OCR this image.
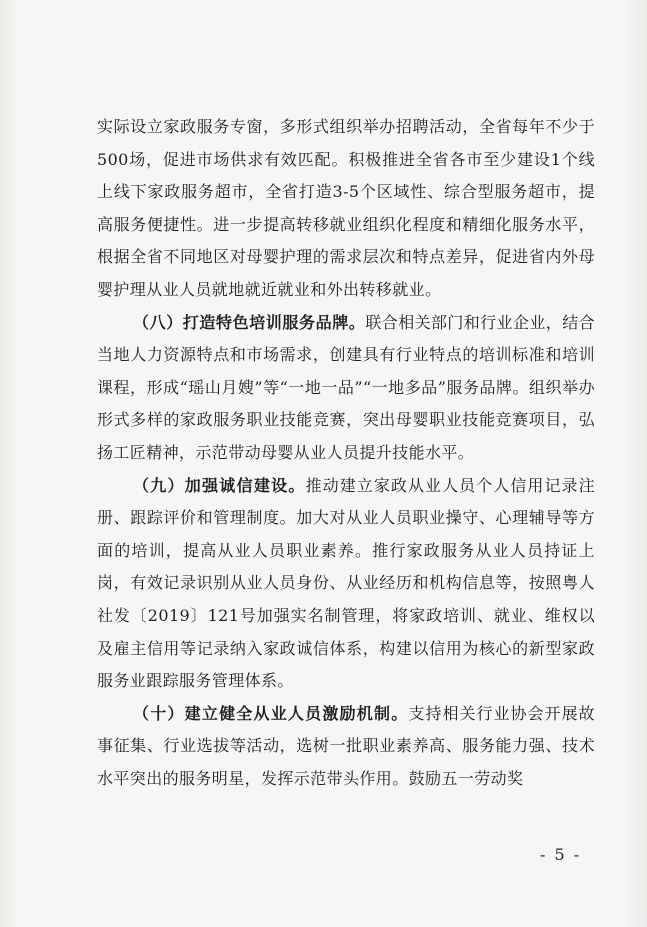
实际设立家政服务专窗，多形式组织举办招聘活动，全省每年不少于500场，促进市场供求有效匹配。积极推进全省各市至少建设1个线上线下家政服务超市，全省打造3-5个区域性、综合型服务超市，提高服务便捷性。进一步提高转移就业组织化程度和精细化服务水平，根据全省不同地区对母婴护理的需求层次和特点差异，促进省内外母婴护理从业人员就地就近就业和外出转移就业。

（八）打造特色培训服务品牌。联合相关部门和行业企业，结合当地人力资源特点和市场需求，创建具有行业特点的培训标准和培训课程，形成“瑶山月嫂”等“一地一品”“一地多品”服务品牌。组织举办形式多样的家政服务职业技能竞赛，突出母婴职业技能竞赛项目，弘扬工匠精神，示范带动母婴从业人员提升技能水平。

（九）加强诚信建设。推动建立家政从业人员个人信用记录注册、跟踪评价和管理制度。加大对从业人员职业操守、心理辅导等方面的培训，提高从业人员职业素养。推行家政服务从业人员持证上岗，有效记录识别从业人员身份、从业经历和机构信息等，按照粤人社发〔2019〕121号加强实名制管理，将家政培训、就业、维权以及雇主信用等记录纳入家政诚信体系，构建以信用为核心的新型家政服务业跟踪服务管理体系。

（十）建立健全从业人员激励机制。支持相关行业协会开展故事征集、行业选拔等活动，选树一批职业素养高、服务能力强、技术水平突出的服务明星，发挥示范带头作用。鼓励五一劳动奖

- 5 -
